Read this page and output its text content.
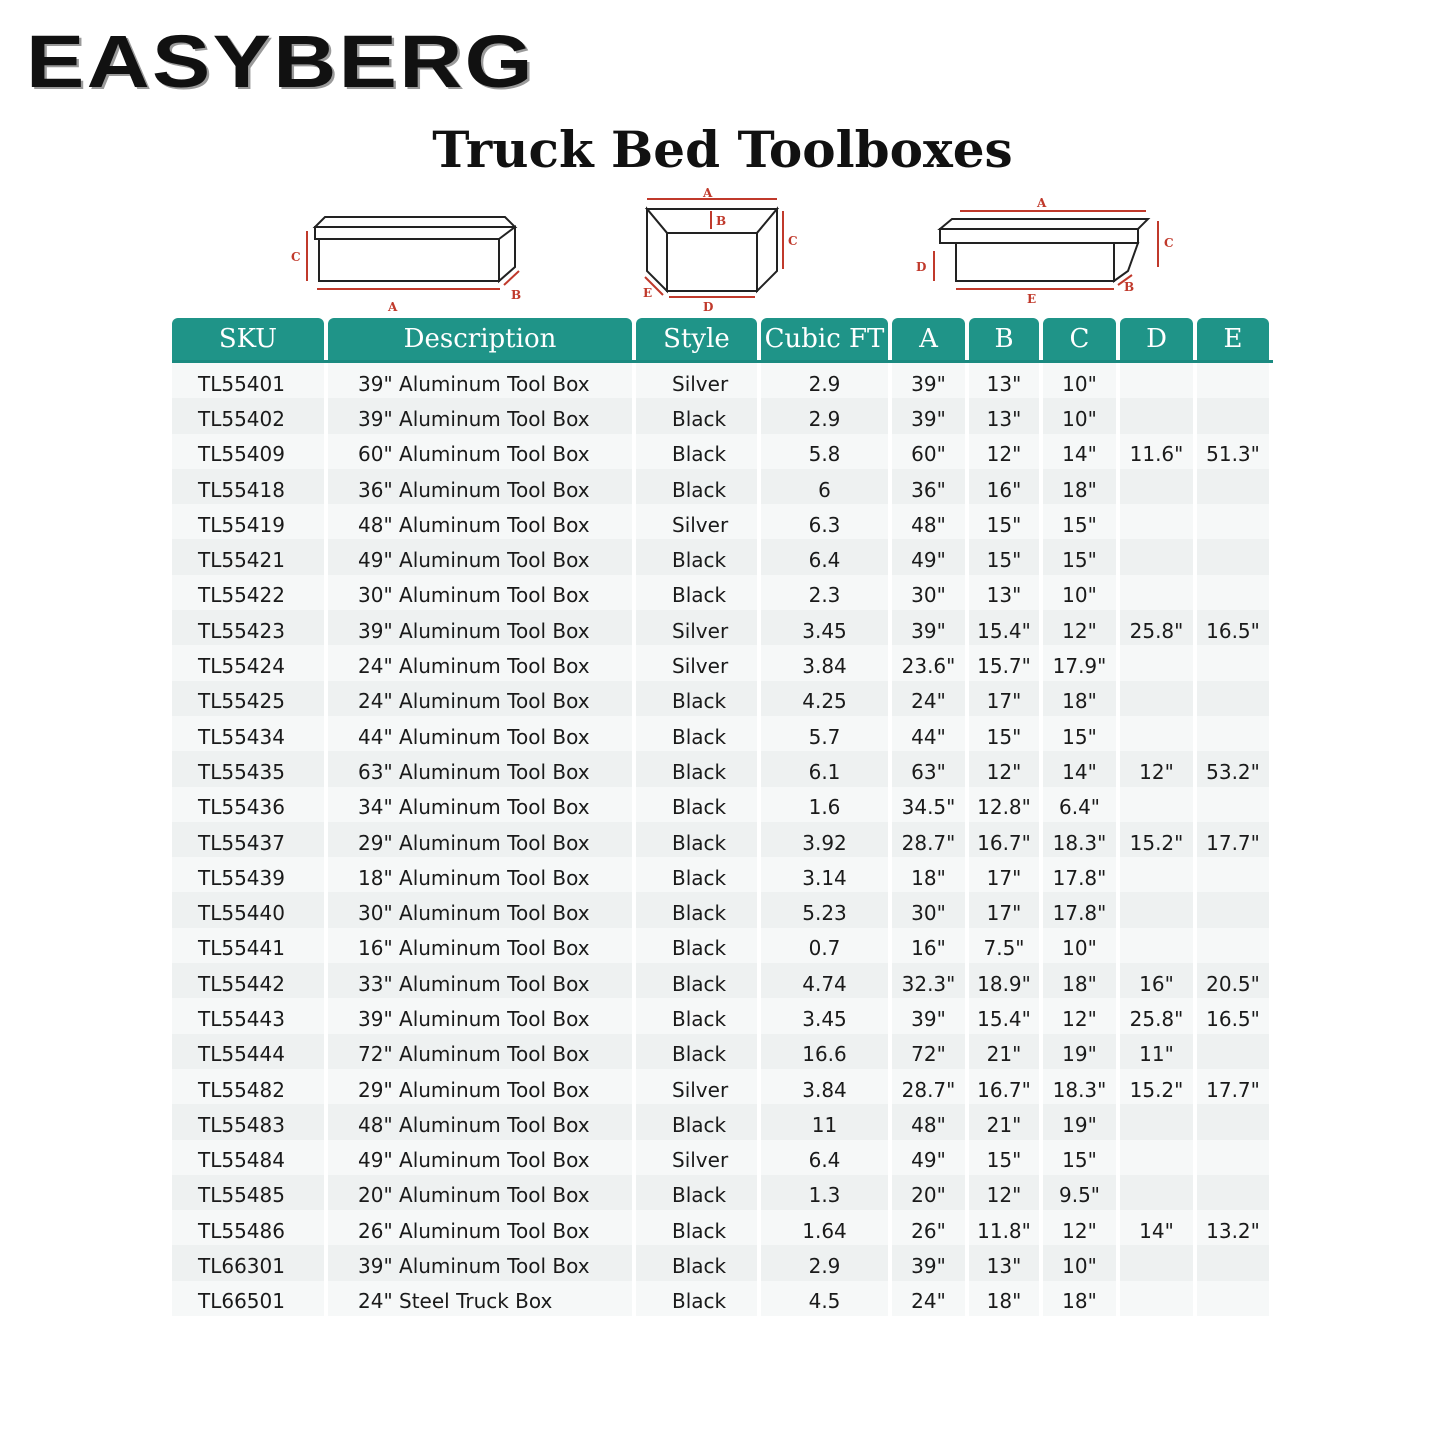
EASYBERG
Truck Bed Toolboxes
C
A
B
A
B
C
E
D
A
C
D
E
B
SKU	Description	Style	Cubic FT	A	B	C	D	E
TL55401	39" Aluminum Tool Box	Silver	2.9	39"	13"	10"
TL55402	39" Aluminum Tool Box	Black	2.9	39"	13"	10"
TL55409	60" Aluminum Tool Box	Black	5.8	60"	12"	14"	11.6"	51.3"
TL55418	36" Aluminum Tool Box	Black	6	36"	16"	18"
TL55419	48" Aluminum Tool Box	Silver	6.3	48"	15"	15"
TL55421	49" Aluminum Tool Box	Black	6.4	49"	15"	15"
TL55422	30" Aluminum Tool Box	Black	2.3	30"	13"	10"
TL55423	39" Aluminum Tool Box	Silver	3.45	39"	15.4"	12"	25.8"	16.5"
TL55424	24" Aluminum Tool Box	Silver	3.84	23.6"	15.7"	17.9"
TL55425	24" Aluminum Tool Box	Black	4.25	24"	17"	18"
TL55434	44" Aluminum Tool Box	Black	5.7	44"	15"	15"
TL55435	63" Aluminum Tool Box	Black	6.1	63"	12"	14"	12"	53.2"
TL55436	34" Aluminum Tool Box	Black	1.6	34.5"	12.8"	6.4"
TL55437	29" Aluminum Tool Box	Black	3.92	28.7"	16.7"	18.3"	15.2"	17.7"
TL55439	18" Aluminum Tool Box	Black	3.14	18"	17"	17.8"
TL55440	30" Aluminum Tool Box	Black	5.23	30"	17"	17.8"
TL55441	16" Aluminum Tool Box	Black	0.7	16"	7.5"	10"
TL55442	33" Aluminum Tool Box	Black	4.74	32.3"	18.9"	18"	16"	20.5"
TL55443	39" Aluminum Tool Box	Black	3.45	39"	15.4"	12"	25.8"	16.5"
TL55444	72" Aluminum Tool Box	Black	16.6	72"	21"	19"	11"
TL55482	29" Aluminum Tool Box	Silver	3.84	28.7"	16.7"	18.3"	15.2"	17.7"
TL55483	48" Aluminum Tool Box	Black	11	48"	21"	19"
TL55484	49" Aluminum Tool Box	Silver	6.4	49"	15"	15"
TL55485	20" Aluminum Tool Box	Black	1.3	20"	12"	9.5"
TL55486	26" Aluminum Tool Box	Black	1.64	26"	11.8"	12"	14"	13.2"
TL66301	39" Aluminum Tool Box	Black	2.9	39"	13"	10"
TL66501	24" Steel Truck Box	Black	4.5	24"	18"	18"
